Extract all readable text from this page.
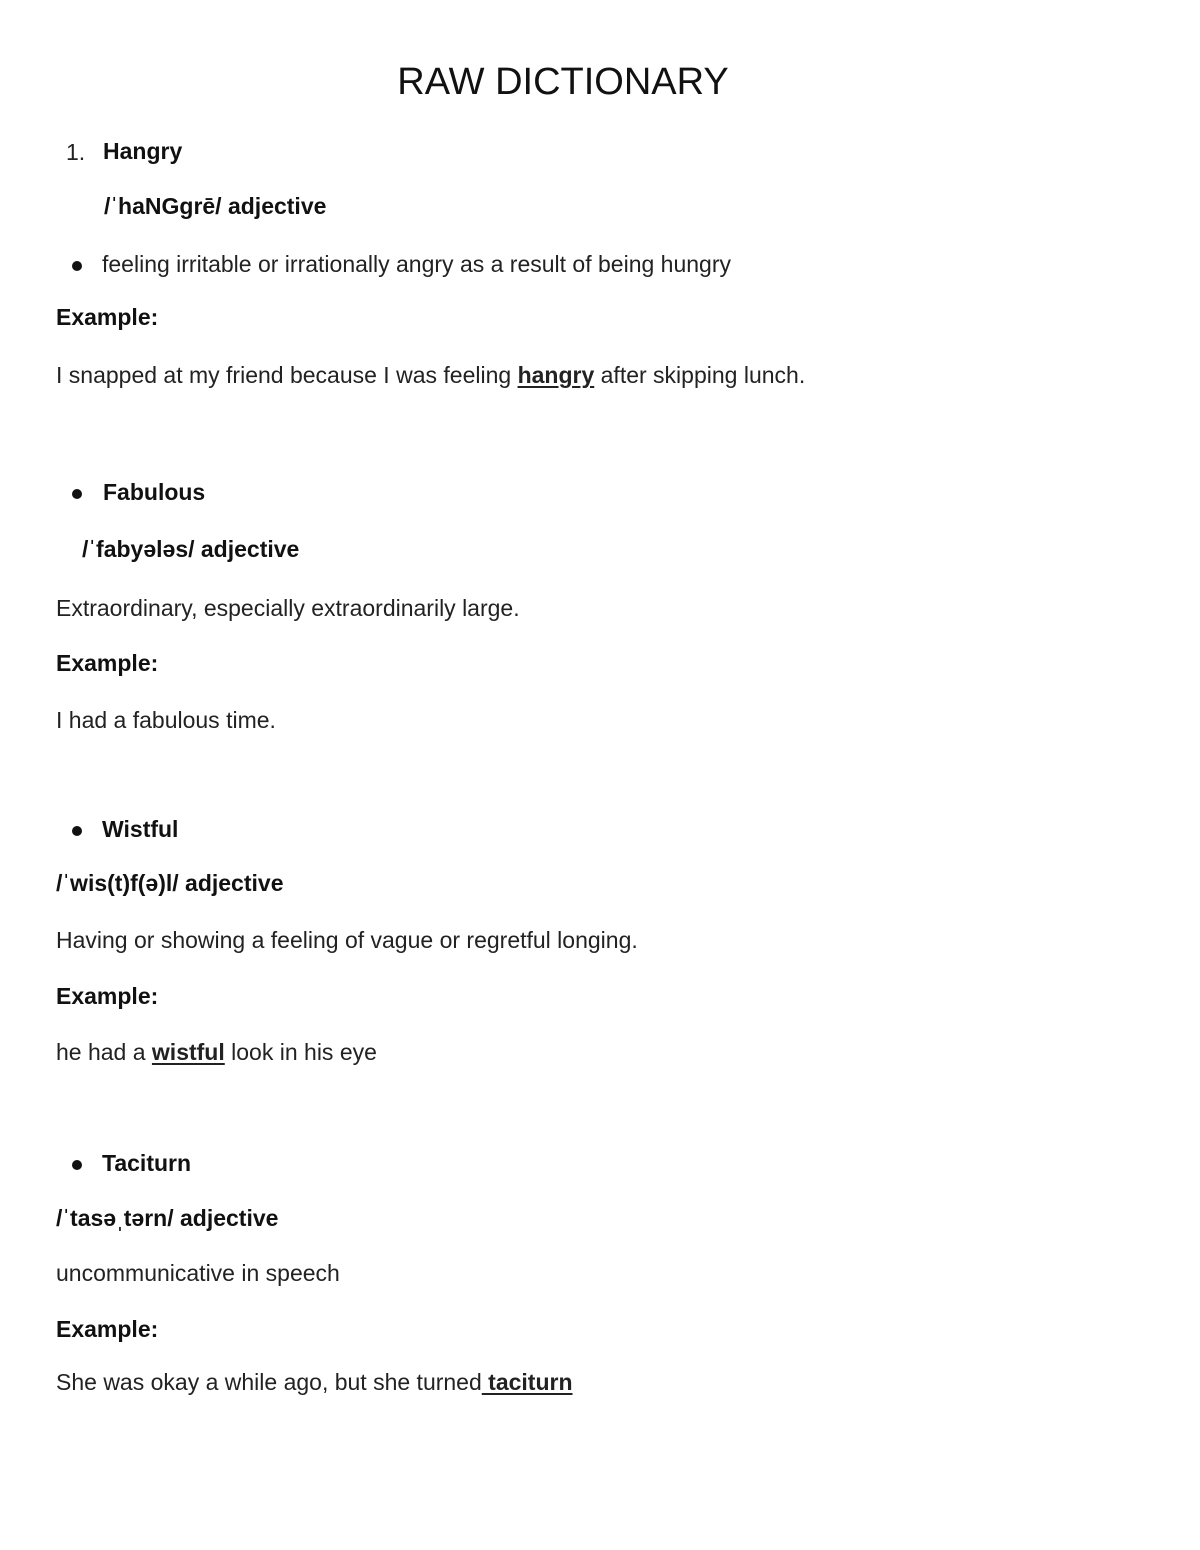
RAW DICTIONARY
1. Hangry
/ˈhaNGgrē/ adjective
feeling irritable or irrationally angry as a result of being hungry
Example:
I snapped at my friend because I was feeling hangry after skipping lunch.
Fabulous
/ˈfabyələs/ adjective
Extraordinary, especially extraordinarily large.
Example:
I had a fabulous time.
Wistful
/ˈwis(t)f(ə)l/ adjective
Having or showing a feeling of vague or regretful longing.
Example:
he had a wistful look in his eye
Taciturn
/ˈtasəˌtərn/ adjective
uncommunicative in speech
Example:
She was okay a while ago, but she turned taciturn
